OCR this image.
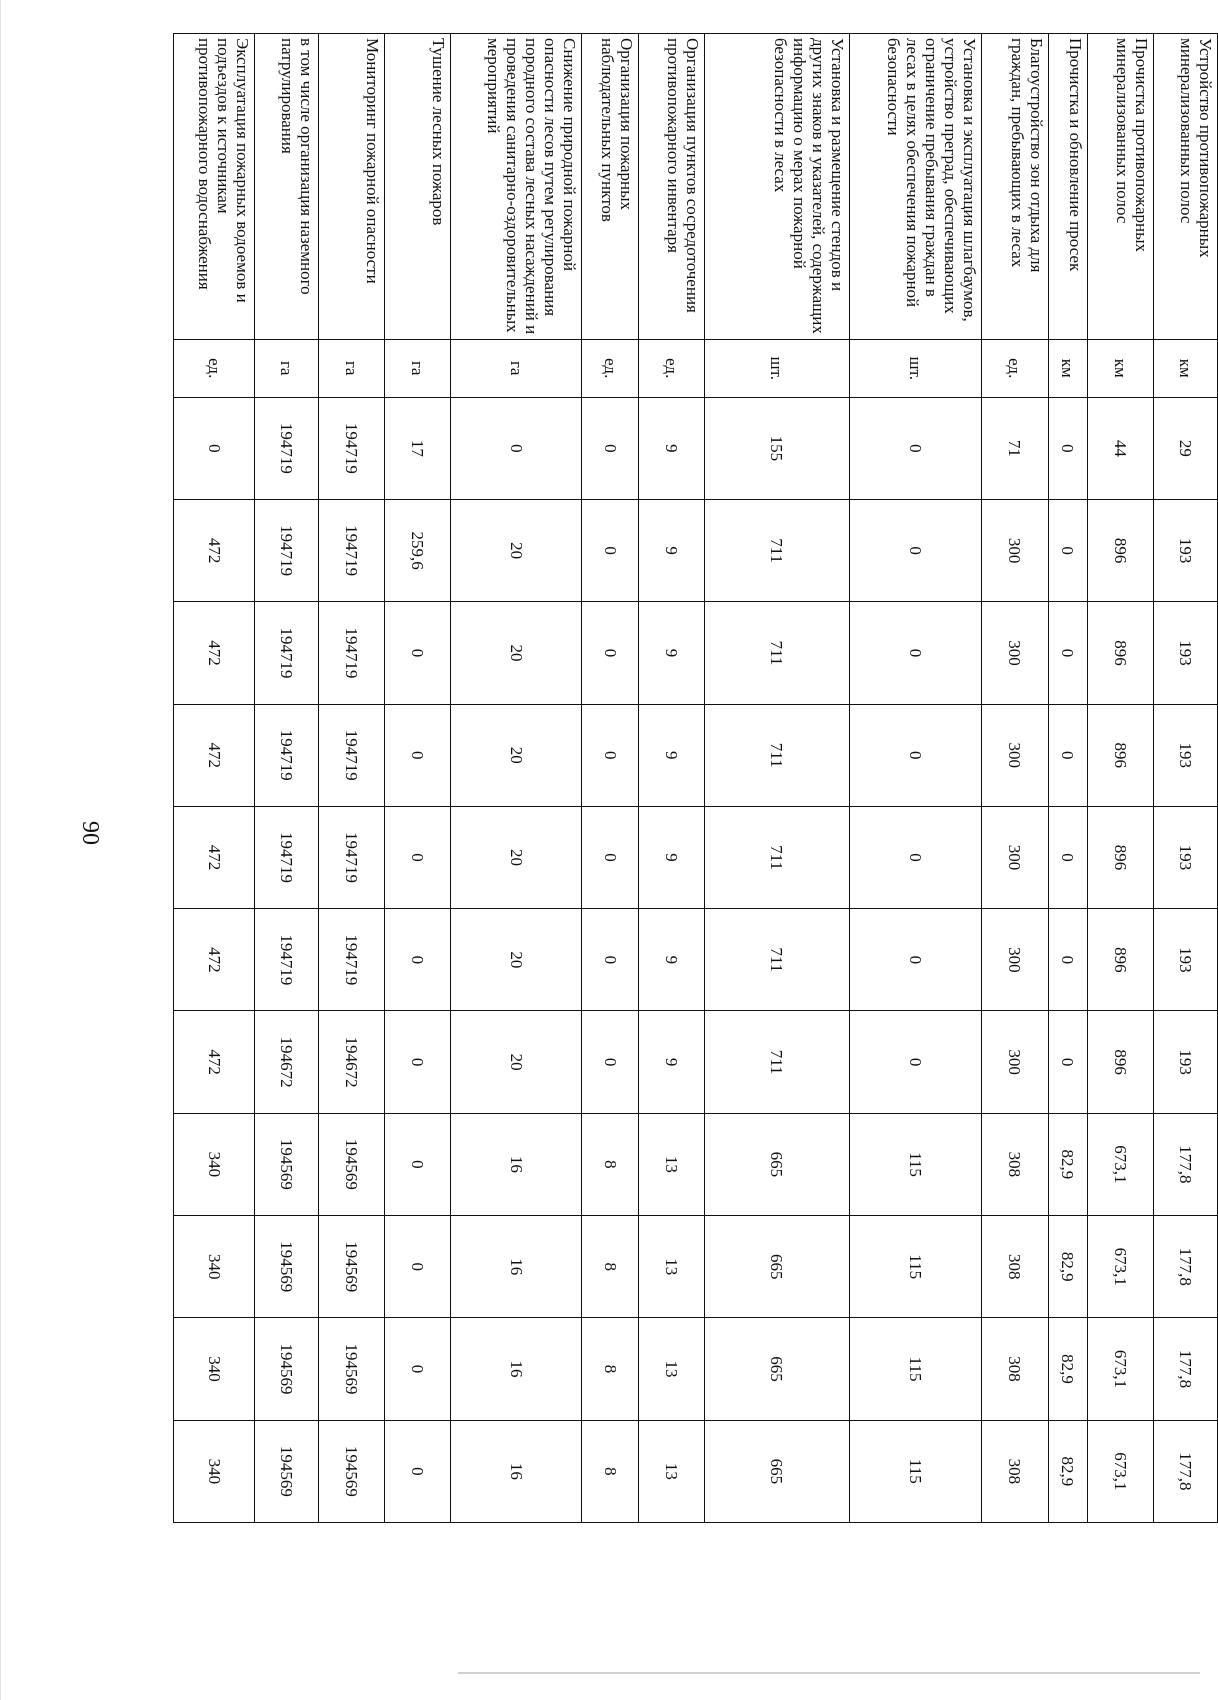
90
Устройство противопожарных минерализованных полос	км	29	193	193	193	193	193	193	177,8	177,8	177,8	177,8
Прочистка противопожарных минерализованных полос	км	44	896	896	896	896	896	896	673,1	673,1	673,1	673,1
Прочистка и обновление просек	км	0	0	0	0	0	0	0	82,9	82,9	82,9	82,9
Благоустройство зон отдыха для граждан, пребывающих в лесах	ед.	71	300	300	300	300	300	300	308	308	308	308
Установка и эксплуатация шлагбаумов, устройство преград, обеспечивающих ограничение пребывания граждан в лесах в целях обеспечения пожарной безопасности	шт.	0	0	0	0	0	0	0	115	115	115	115
Установка и размещение стендов и других знаков и указателей, содержащих информацию о мерах пожарной безопасности в лесах	шт.	155	711	711	711	711	711	711	665	665	665	665
Организация пунктов сосредоточения противопожарного инвентаря	ед.	9	9	9	9	9	9	9	13	13	13	13
Организация пожарных наблюдательных пунктов	ед.	0	0	0	0	0	0	0	8	8	8	8
Снижение природной пожарной опасности лесов путем регулирования породного состава лесных насаждений и проведения санитарно-оздоровительных мероприятий	га	0	20	20	20	20	20	20	16	16	16	16
Тушение лесных пожаров	га	17	259,6	0	0	0	0	0	0	0	0	0
Мониторинг пожарной опасности	га	194719	194719	194719	194719	194719	194719	194672	194569	194569	194569	194569
в том числе организация наземного патрулирования	га	194719	194719	194719	194719	194719	194719	194672	194569	194569	194569	194569
Эксплуатация пожарных водоемов и подъездов к источникам противопожарного водоснабжения	ед.	0	472	472	472	472	472	472	340	340	340	340
